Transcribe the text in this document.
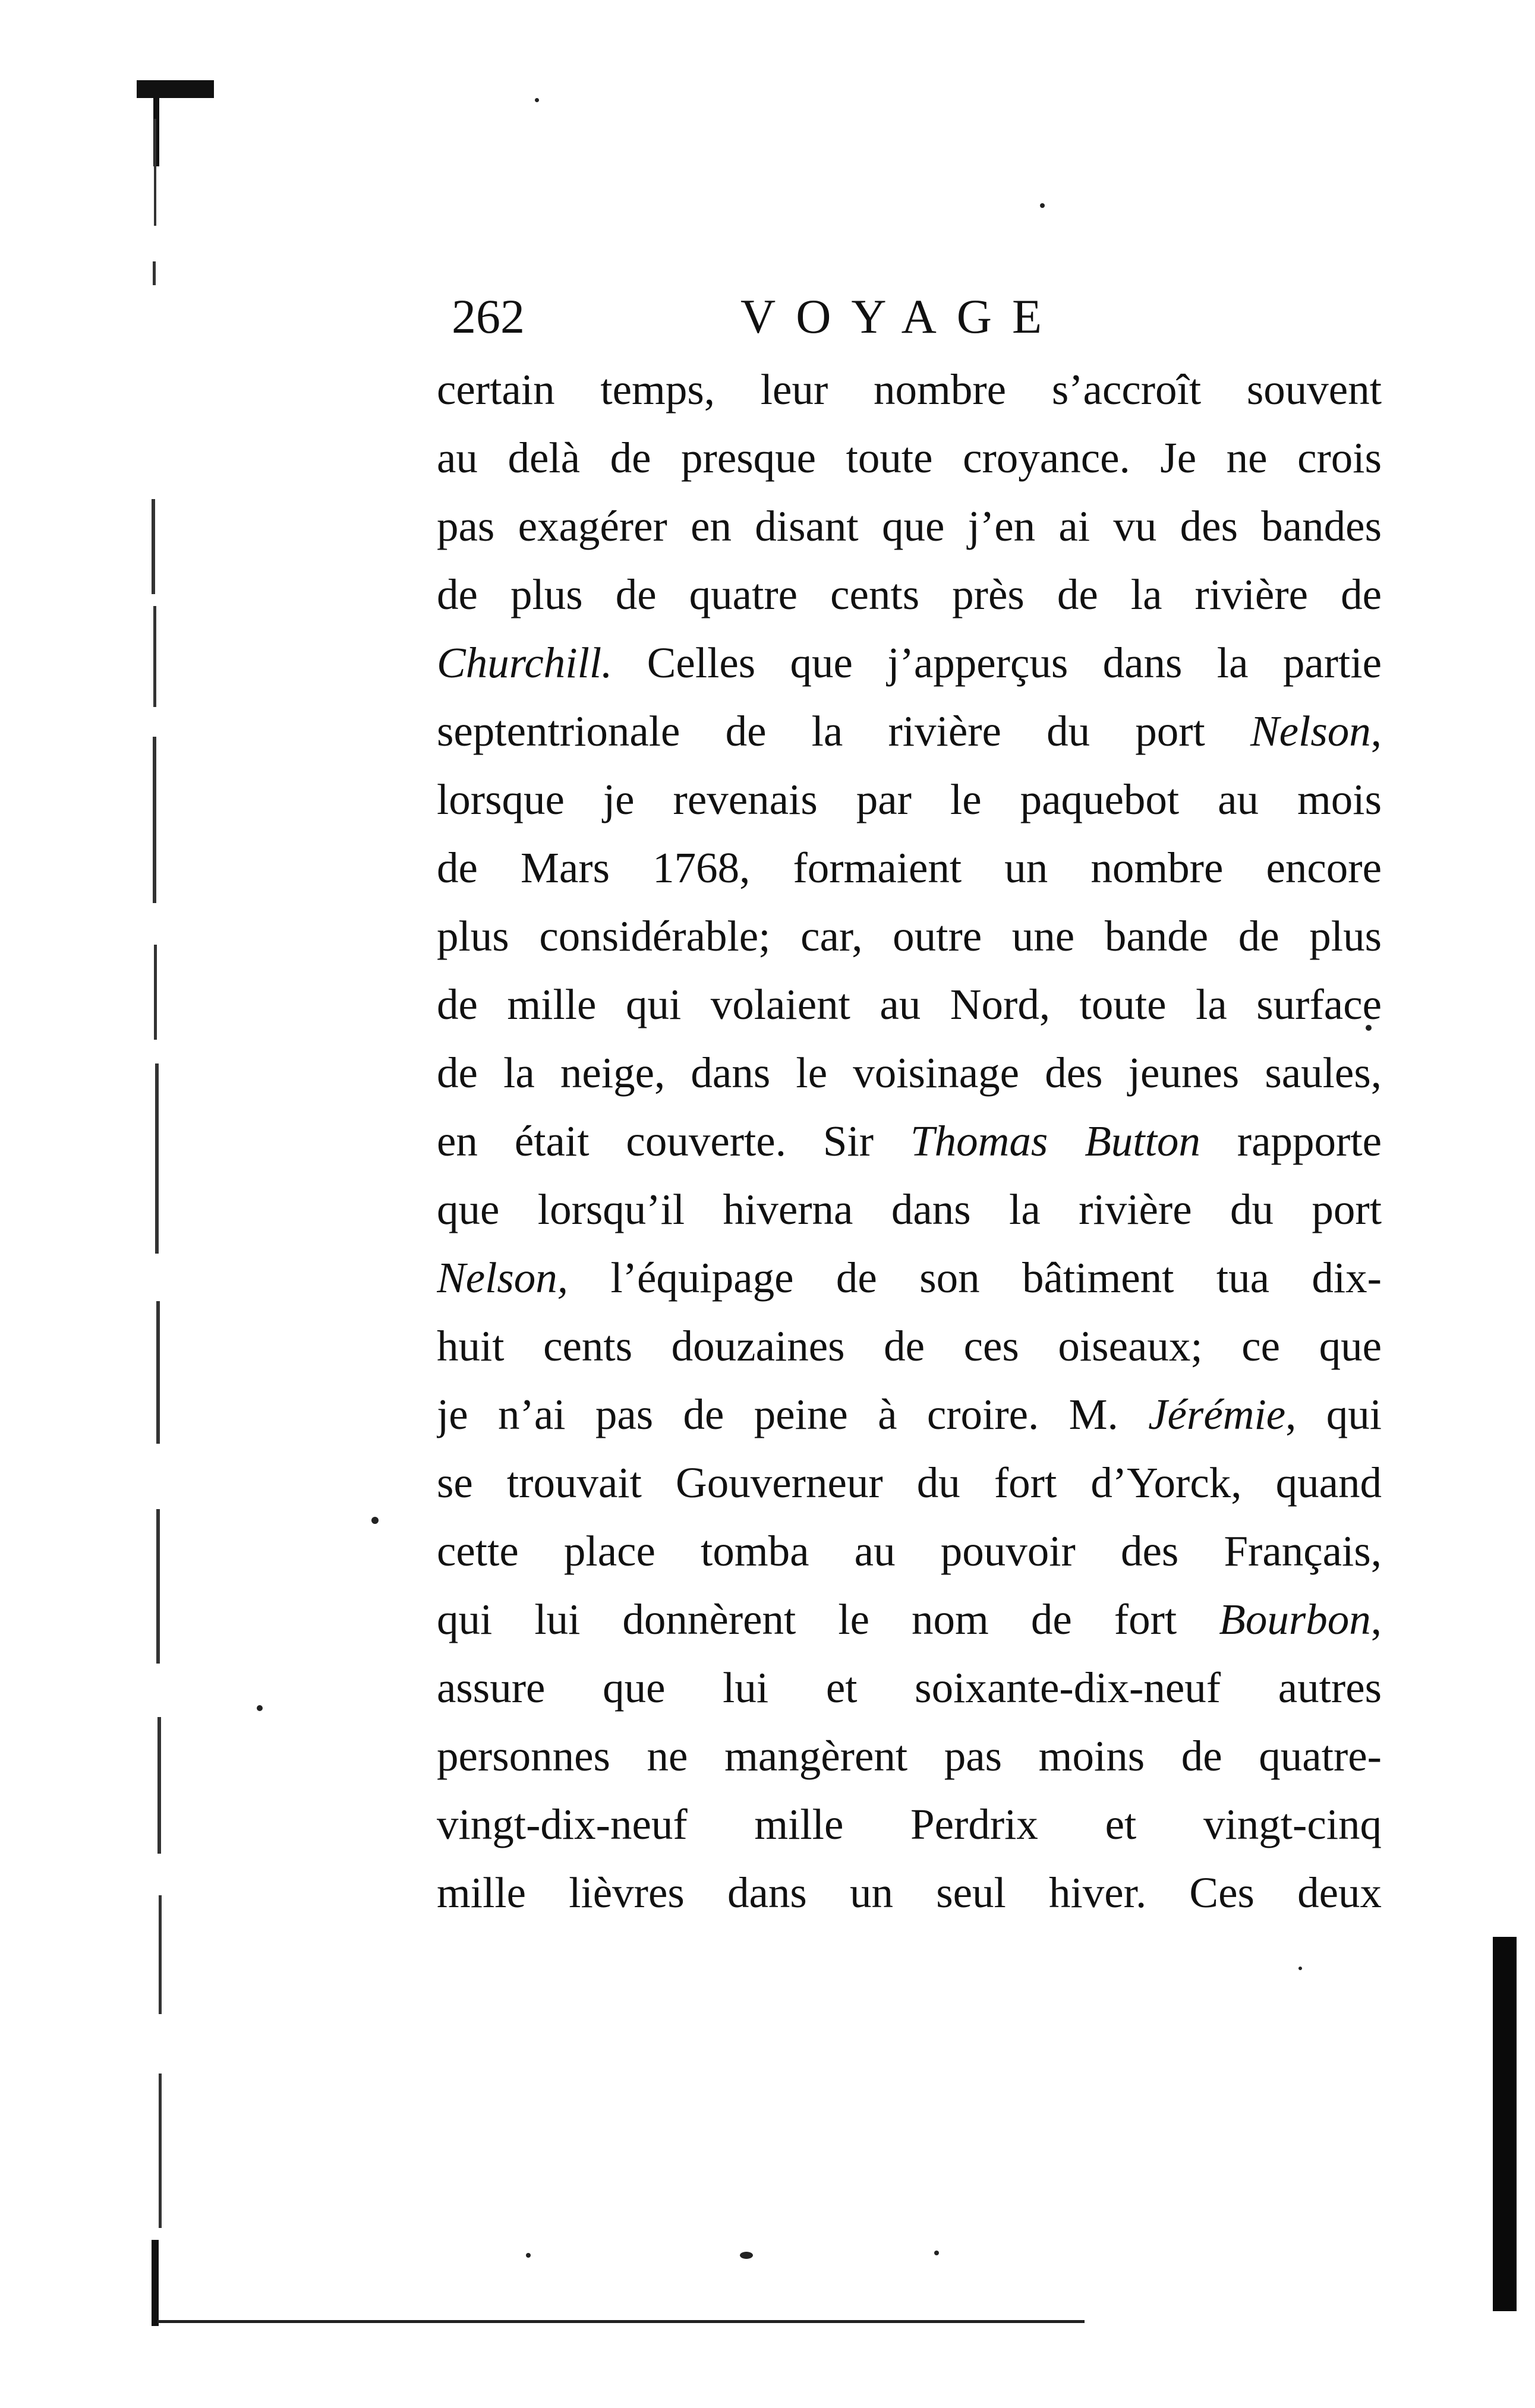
262	VOYAGE
certain temps, leur nombre s’accroît souvent
au delà de presque toute croyance. Je ne crois
pas exagérer en disant que j’en ai vu des bandes
de plus de quatre cents près de la rivière de
Churchill. Celles que j’apperçus dans la partie
septentrionale de la rivière du port Nelson,
lorsque je revenais par le paquebot au mois
de Mars 1768, formaient un nombre encore
plus considérable; car, outre une bande de plus
de mille qui volaient au Nord, toute la surface
de la neige, dans le voisinage des jeunes saules,
en était couverte. Sir Thomas Button rapporte
que lorsqu’il hiverna dans la rivière du port
Nelson, l’équipage de son bâtiment tua dix-
huit cents douzaines de ces oiseaux; ce que
je n’ai pas de peine à croire. M. Jérémie, qui
se trouvait Gouverneur du fort d’Yorck, quand
cette place tomba au pouvoir des Français,
qui lui donnèrent le nom de fort Bourbon,
assure que lui et soixante-dix-neuf autres
personnes ne mangèrent pas moins de quatre-
vingt-dix-neuf mille Perdrix et vingt-cinq
mille lièvres dans un seul hiver. Ces deux
